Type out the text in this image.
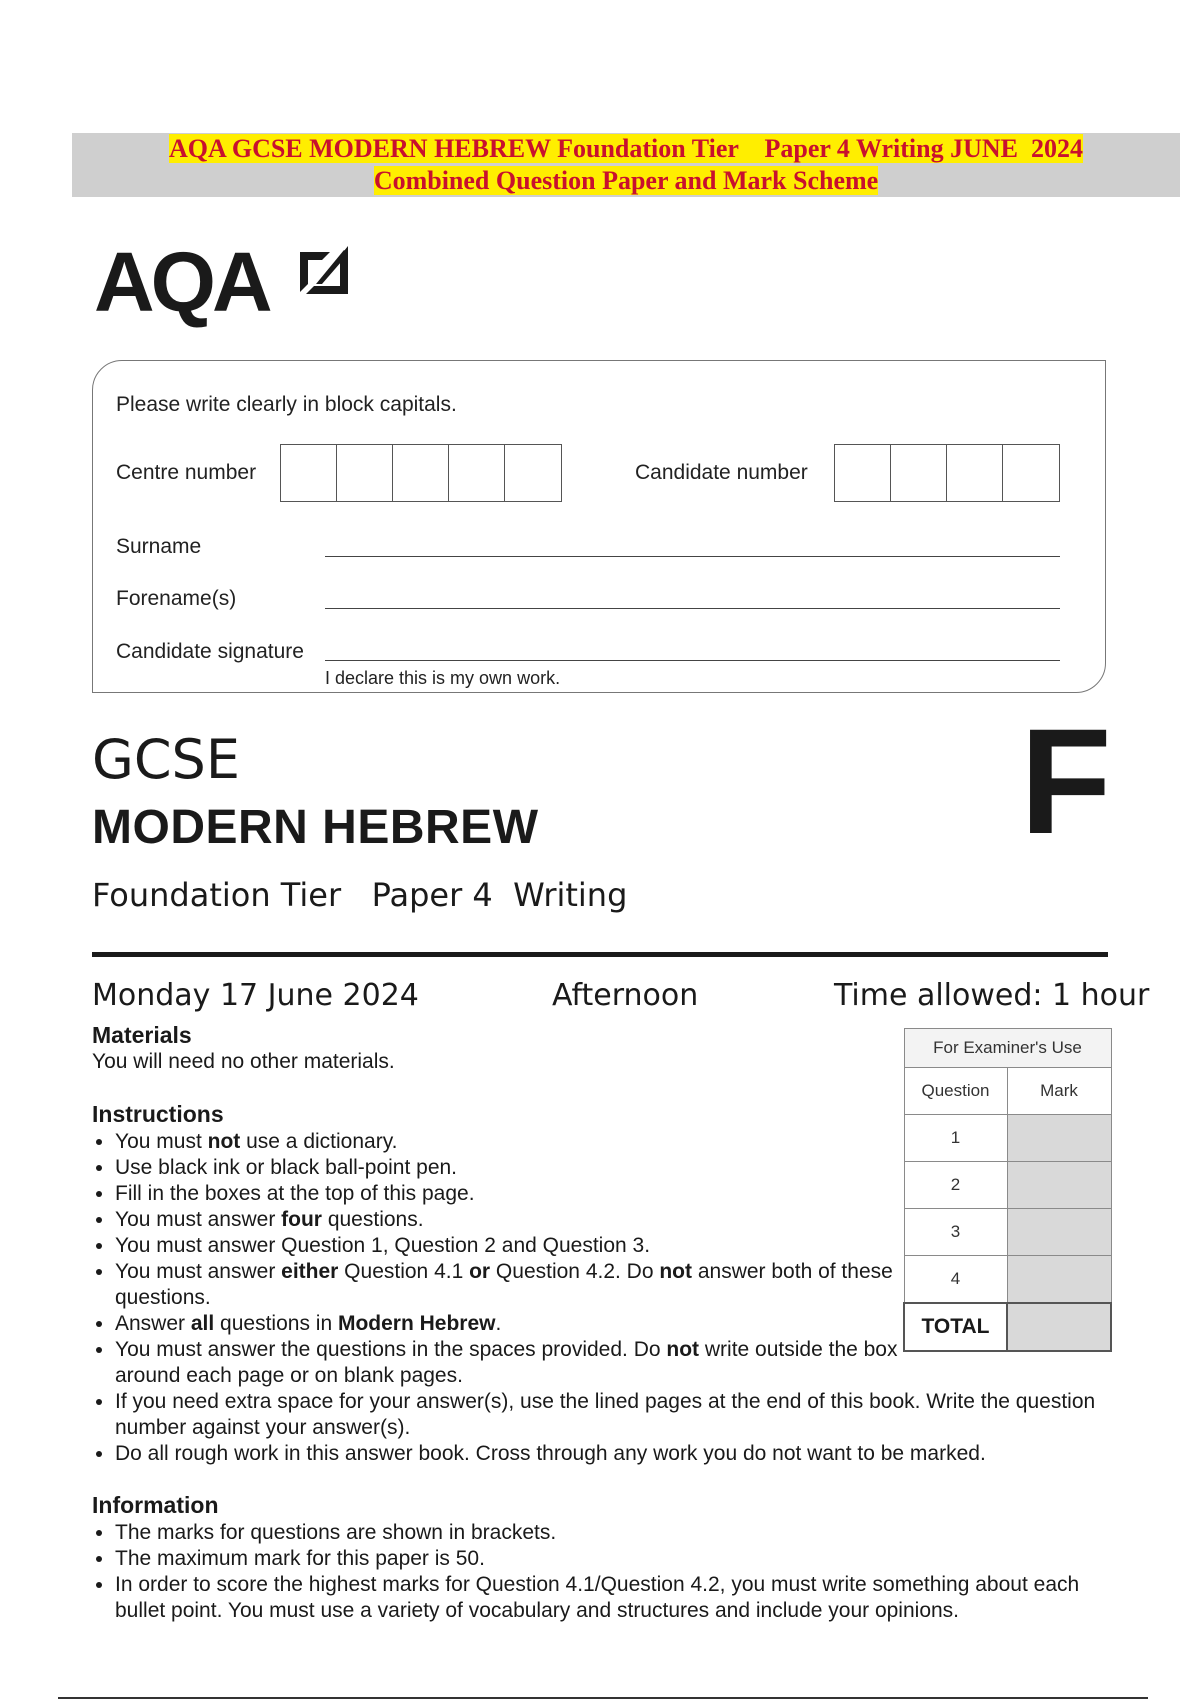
AQA GCSE MODERN HEBREW Foundation Tier    Paper 4 Writing JUNE  2024
Combined Question Paper and Mark Scheme
AQA
Please write clearly in block capitals.
Centre number	Candidate number
Surname
Forename(s)
Candidate signature
I declare this is my own work.
GCSE
MODERN HEBREW
Foundation Tier   Paper 4  Writing
F
Monday 17 June 2024	Afternoon	Time allowed: 1 hour
Materials
You will need no other materials.
Instructions
• You must not use a dictionary.
• Use black ink or black ball-point pen.
• Fill in the boxes at the top of this page.
• You must answer four questions.
• You must answer Question 1, Question 2 and Question 3.
• You must answer either Question 4.1 or Question 4.2. Do not answer both of these questions.
• Answer all questions in Modern Hebrew.
• You must answer the questions in the spaces provided. Do not write outside the box around each page or on blank pages.
• If you need extra space for your answer(s), use the lined pages at the end of this book. Write the question number against your answer(s).
• Do all rough work in this answer book. Cross through any work you do not want to be marked.
Information
• The marks for questions are shown in brackets.
• The maximum mark for this paper is 50.
• In order to score the highest marks for Question 4.1/Question 4.2, you must write something about each bullet point. You must use a variety of vocabulary and structures and include your opinions.
For Examiner's Use	
Question	Mark
1	
2	
3	
4	
TOTAL	
